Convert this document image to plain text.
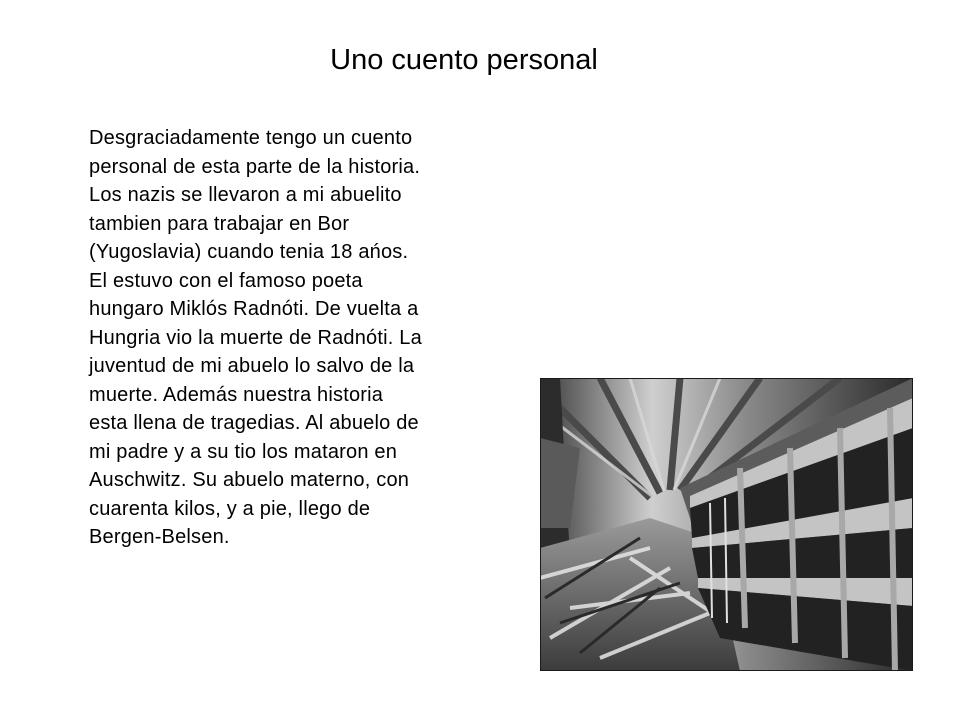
Uno cuento personal
Desgraciadamente tengo un cuento
personal de esta parte de la historia.
Los nazis se llevaron a mi abuelito
tambien para trabajar en Bor
(Yugoslavia) cuando tenia 18 ańos.
El estuvo con el famoso poeta
hungaro Miklós Radnóti. De vuelta a
Hungria vio la muerte de Radnóti. La
juventud de mi abuelo lo salvo de la
muerte. Además nuestra historia
esta llena de tragedias. Al abuelo de
mi padre y a su tio los mataron en
Auschwitz. Su abuelo materno, con
cuarenta kilos, y a pie, llego de
Bergen-Belsen.
